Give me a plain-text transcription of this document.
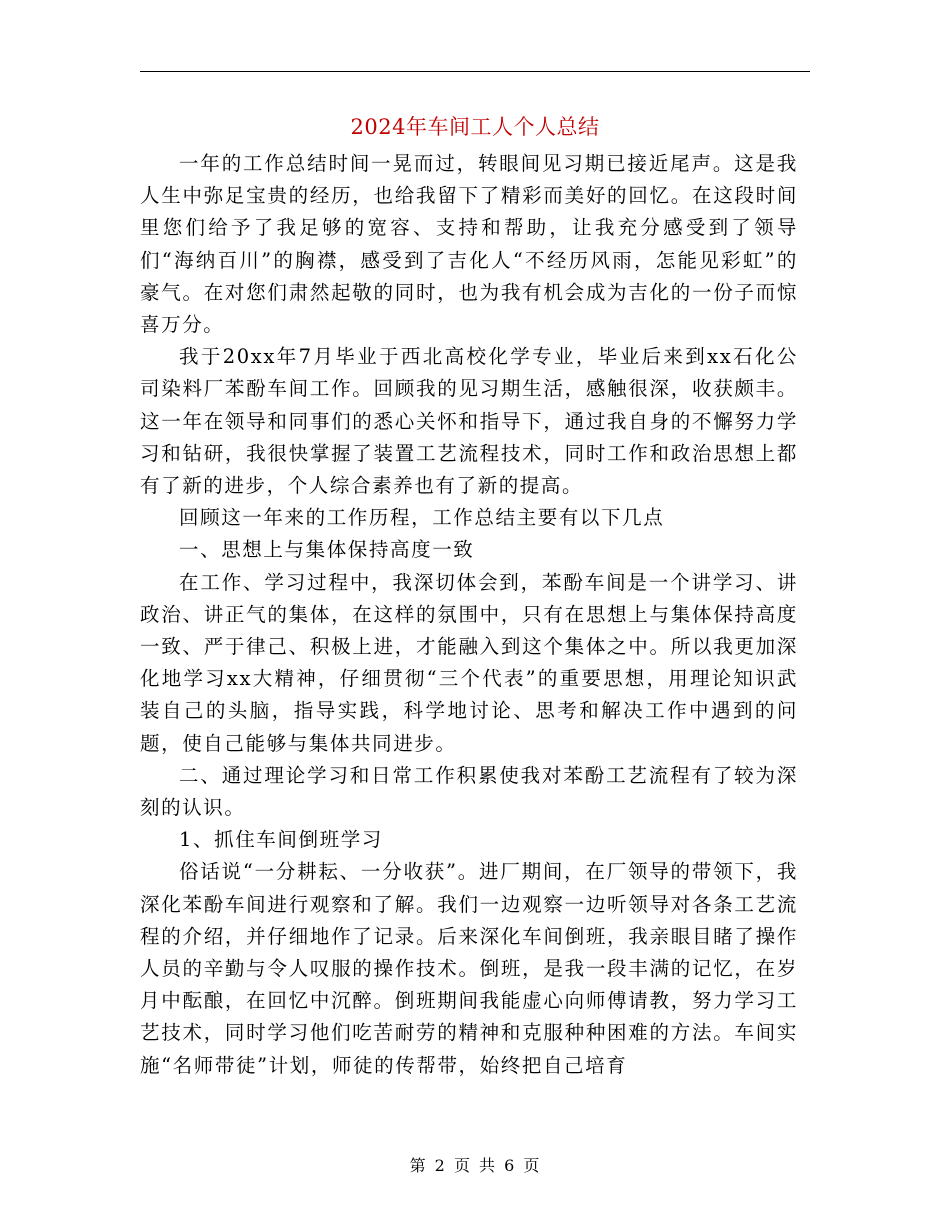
2024年车间工人个人总结

一年的工作总结时间一晃而过，转眼间见习期已接近尾声。这是我人生中弥足宝贵的经历，也给我留下了精彩而美好的回忆。在这段时间里您们给予了我足够的宽容、支持和帮助，让我充分感受到了领导们“海纳百川”的胸襟，感受到了吉化人“不经历风雨，怎能见彩虹”的豪气。在对您们肃然起敬的同时，也为我有机会成为吉化的一份子而惊喜万分。

我于20xx年7月毕业于西北高校化学专业，毕业后来到xx石化公司染料厂苯酚车间工作。回顾我的见习期生活，感触很深，收获颇丰。这一年在领导和同事们的悉心关怀和指导下，通过我自身的不懈努力学习和钻研，我很快掌握了装置工艺流程技术，同时工作和政治思想上都有了新的进步，个人综合素养也有了新的提高。

回顾这一年来的工作历程，工作总结主要有以下几点

一、思想上与集体保持高度一致

在工作、学习过程中，我深切体会到，苯酚车间是一个讲学习、讲政治、讲正气的集体，在这样的氛围中，只有在思想上与集体保持高度一致、严于律己、积极上进，才能融入到这个集体之中。所以我更加深化地学习xx大精神，仔细贯彻“三个代表”的重要思想，用理论知识武装自己的头脑，指导实践，科学地讨论、思考和解决工作中遇到的问题，使自己能够与集体共同进步。

二、通过理论学习和日常工作积累使我对苯酚工艺流程有了较为深刻的认识。

1、抓住车间倒班学习

俗话说“一分耕耘、一分收获”。进厂期间，在厂领导的带领下，我深化苯酚车间进行观察和了解。我们一边观察一边听领导对各条工艺流程的介绍，并仔细地作了记录。后来深化车间倒班，我亲眼目睹了操作人员的辛勤与令人叹服的操作技术。倒班，是我一段丰满的记忆，在岁月中酝酿，在回忆中沉醉。倒班期间我能虚心向师傅请教，努力学习工艺技术，同时学习他们吃苦耐劳的精神和克服种种困难的方法。车间实施“名师带徒”计划，师徒的传帮带，始终把自己培育

第 2 页 共 6 页
